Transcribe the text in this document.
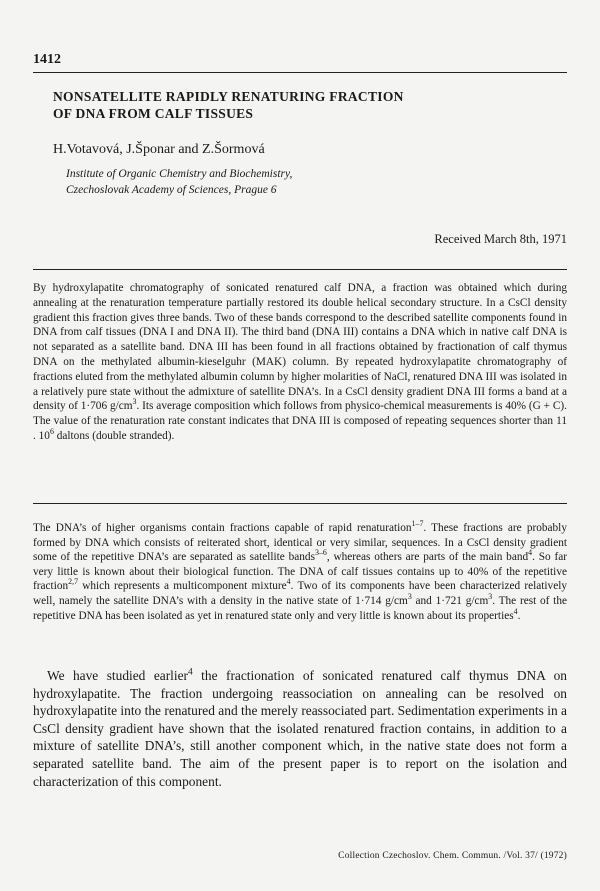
1412
NONSATELLITE RAPIDLY RENATURING FRACTION
OF DNA FROM CALF TISSUES
H.Votavová, J.Šponar and Z.Šormová
Institute of Organic Chemistry and Biochemistry,
Czechoslovak Academy of Sciences, Prague 6
Received March 8th, 1971

By hydroxylapatite chromatography of sonicated renatured calf DNA, a fraction was obtained which during annealing at the renaturation temperature partially restored its double helical secondary structure. In a CsCl density gradient this fraction gives three bands. Two of these bands correspond to the described satellite components found in DNA from calf tissues (DNA I and DNA II). The third band (DNA III) contains a DNA which in native calf DNA is not separated as a satellite band. DNA III has been found in all fractions obtained by fractionation of calf thymus DNA on the methylated albumin-kieselguhr (MAK) column. By repeated hydroxylapatite chromatography of fractions eluted from the methylated albumin column by higher molarities of NaCl, renatured DNA III was isolated in a relatively pure state without the admixture of satellite DNA’s. In a CsCl density gradient DNA III forms a band at a density of 1·706 $g/cm^3$. Its average composition which follows from physico-chemical measurements is 40% (G + C). The value of the renaturation rate constant indicates that DNA III is composed of repeating sequences shorter than 11 . $10^6$ daltons (double stranded).

The DNA’s of higher organisms contain fractions capable of rapid renaturation$^{1-7}$. These fractions are probably formed by DNA which consists of reiterated short, identical or very similar, sequences. In a CsCl density gradient some of the repetitive DNA’s are separated as satellite bands$^{3-6}$, whereas others are parts of the main band$^4$. So far very little is known about their biological function. The DNA of calf tissues contains up to 40% of the repetitive fraction$^{2,7}$ which represents a multicomponent mixture$^4$. Two of its components have been characterized relatively well, namely the satellite DNA’s with a density in the native state of 1·714 $g/cm^3$ and 1·721 $g/cm^3$. The rest of the repetitive DNA has been isolated as yet in renatured state only and very little is known about its properties$^4$.

We have studied earlier$^4$ the fractionation of sonicated renatured calf thymus DNA on hydroxylapatite. The fraction undergoing reassociation on annealing can be resolved on hydroxylapatite into the renatured and the merely reassociated part. Sedimentation experiments in a CsCl density gradient have shown that the isolated renatured fraction contains, in addition to a mixture of satellite DNA’s, still another component which, in the native state does not form a separated satellite band. The aim of the present paper is to report on the isolation and characterization of this component.

Collection Czechoslov. Chem. Commun. /Vol. 37/ (1972)
